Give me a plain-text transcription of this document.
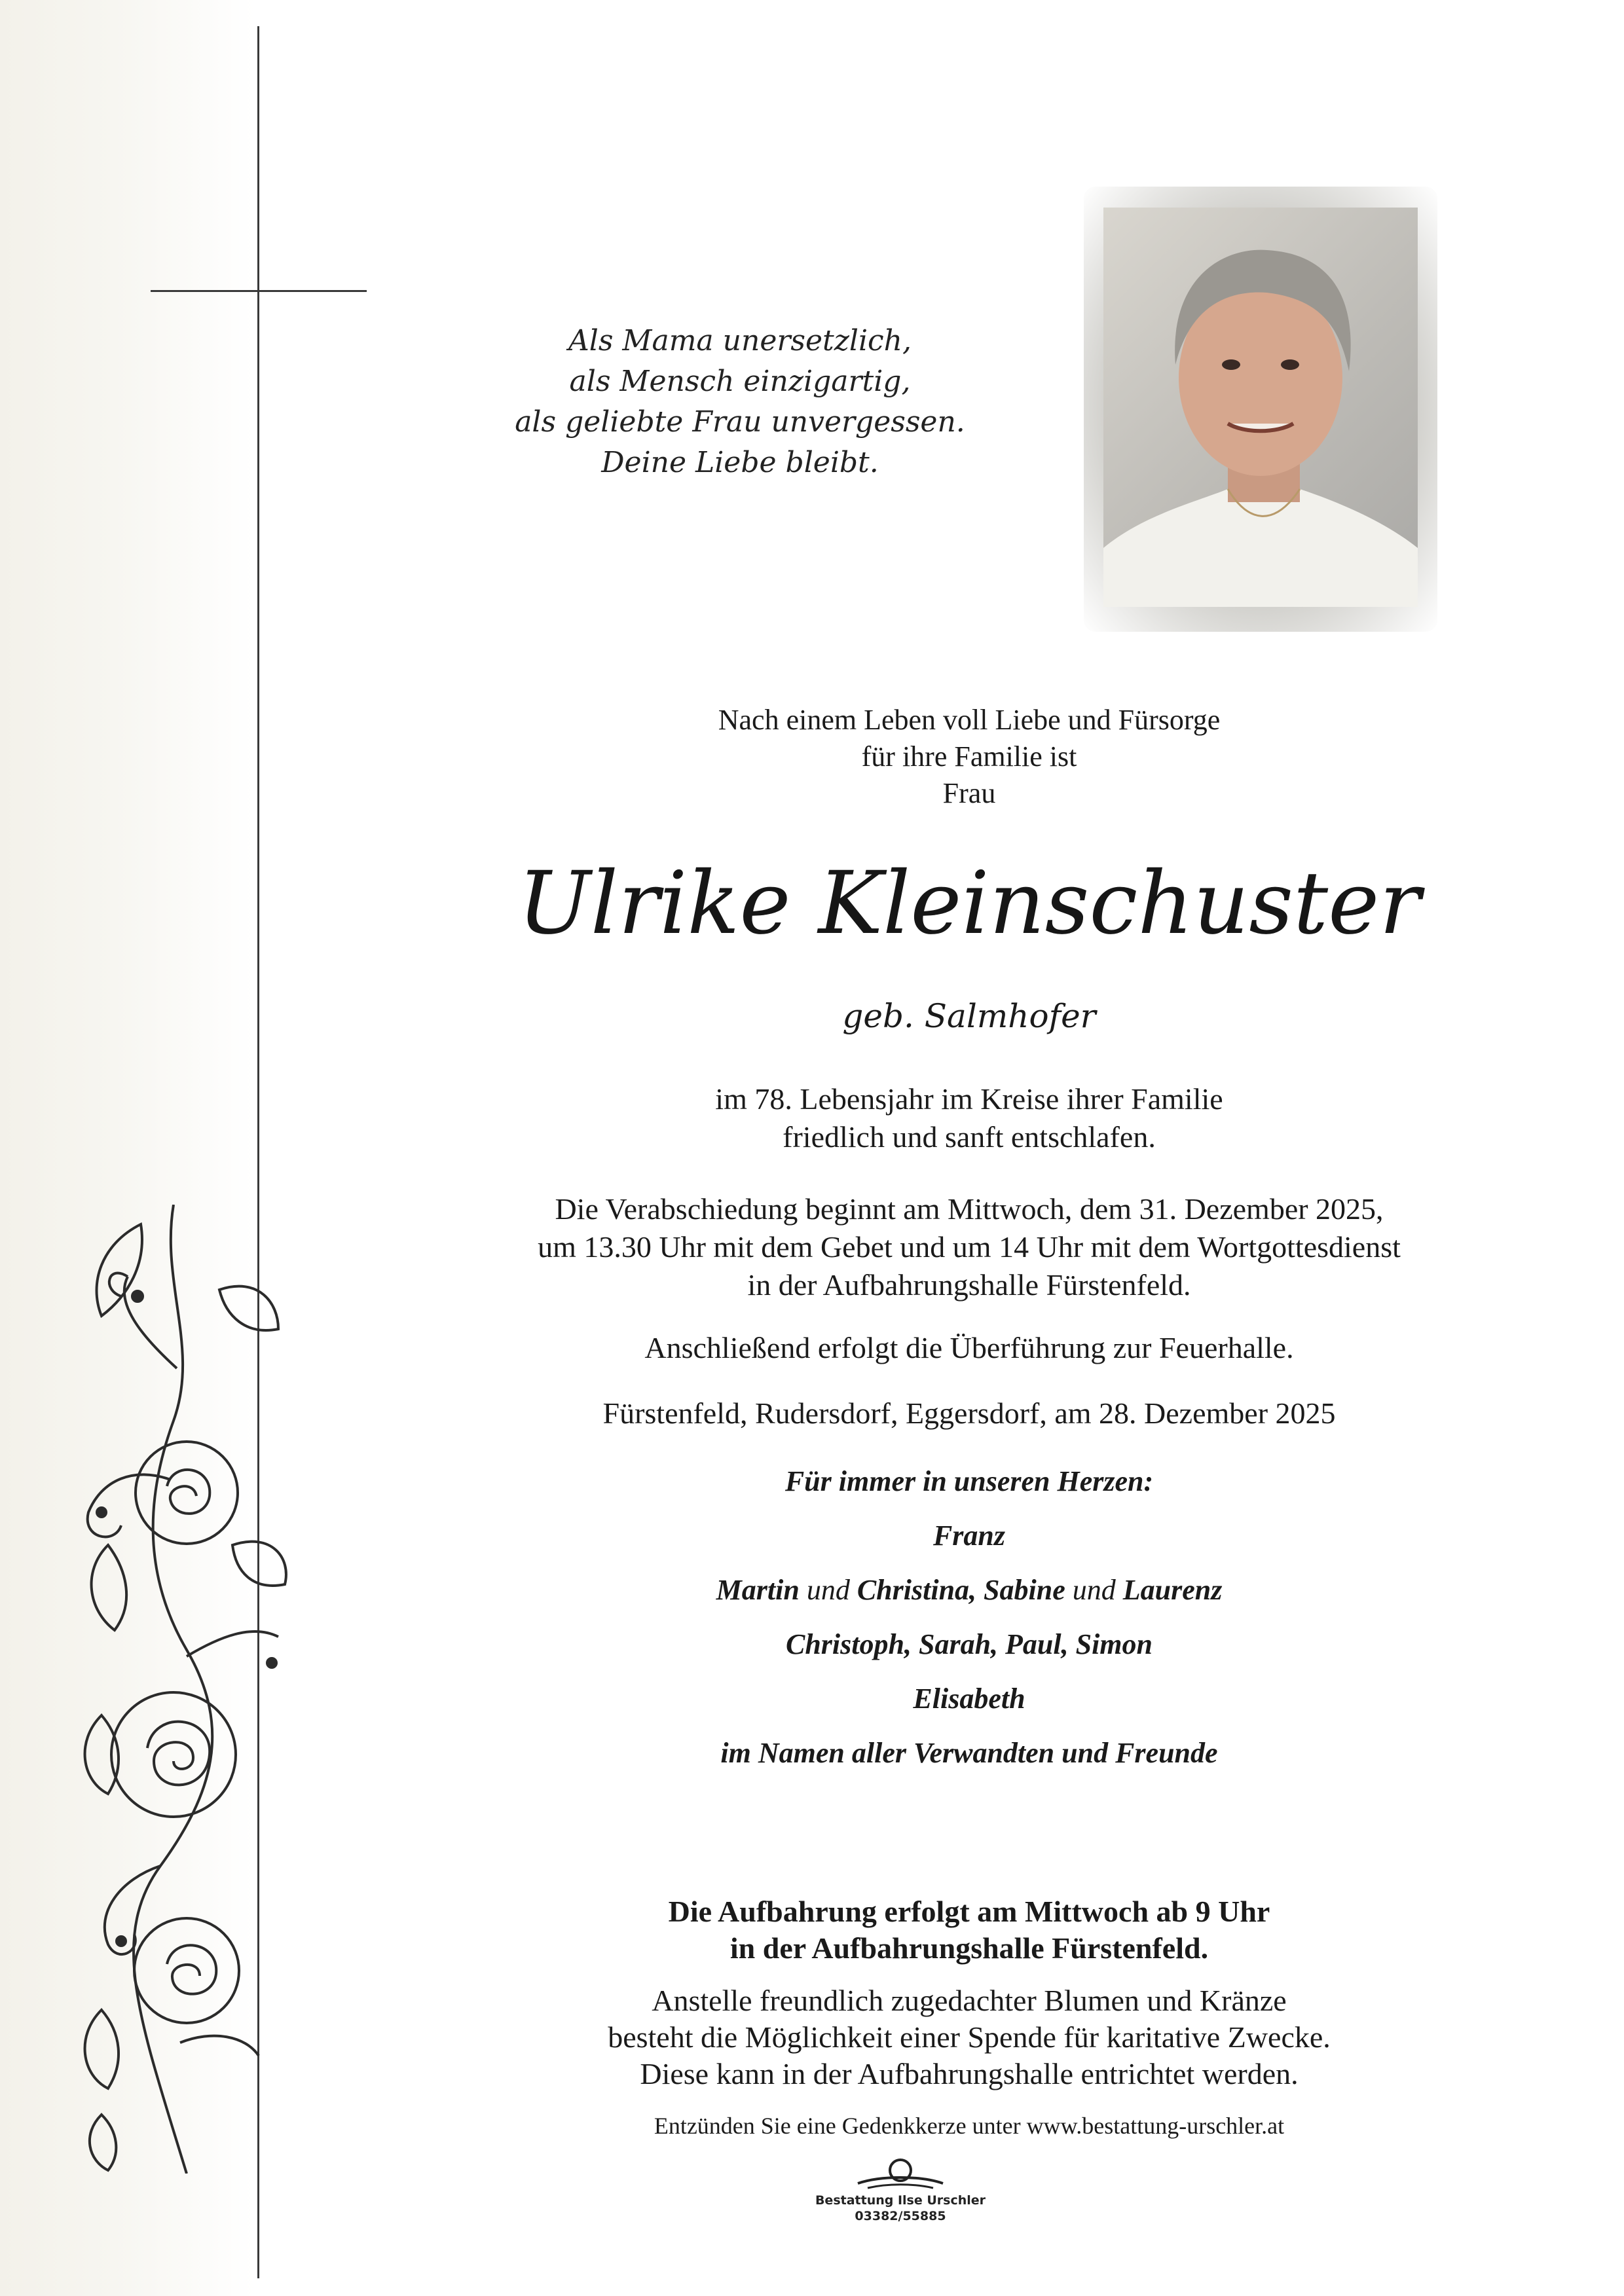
Als Mama unersetzlich,
als Mensch einzigartig,
als geliebte Frau unvergessen.
Deine Liebe bleibt.
Nach einem Leben voll Liebe und Fürsorge
für ihre Familie ist
Frau
Ulrike Kleinschuster
geb. Salmhofer
im 78. Lebensjahr im Kreise ihrer Familie
friedlich und sanft entschlafen.
Die Verabschiedung beginnt am Mittwoch, dem 31. Dezember 2025,
um 13.30 Uhr mit dem Gebet und um 14 Uhr mit dem Wortgottesdienst
in der Aufbahrungshalle Fürstenfeld.
Anschließend erfolgt die Überführung zur Feuerhalle.
Fürstenfeld, Rudersdorf, Eggersdorf, am 28. Dezember 2025
Für immer in unseren Herzen:
Franz
Martin und Christina, Sabine und Laurenz
Christoph, Sarah, Paul, Simon
Elisabeth
im Namen aller Verwandten und Freunde
Die Aufbahrung erfolgt am Mittwoch ab 9 Uhr
in der Aufbahrungshalle Fürstenfeld.
Anstelle freundlich zugedachter Blumen und Kränze
besteht die Möglichkeit einer Spende für karitative Zwecke.
Diese kann in der Aufbahrungshalle entrichtet werden.
Entzünden Sie eine Gedenkkerze unter www.bestattung-urschler.at
Bestattung Ilse Urschler
03382/55885
